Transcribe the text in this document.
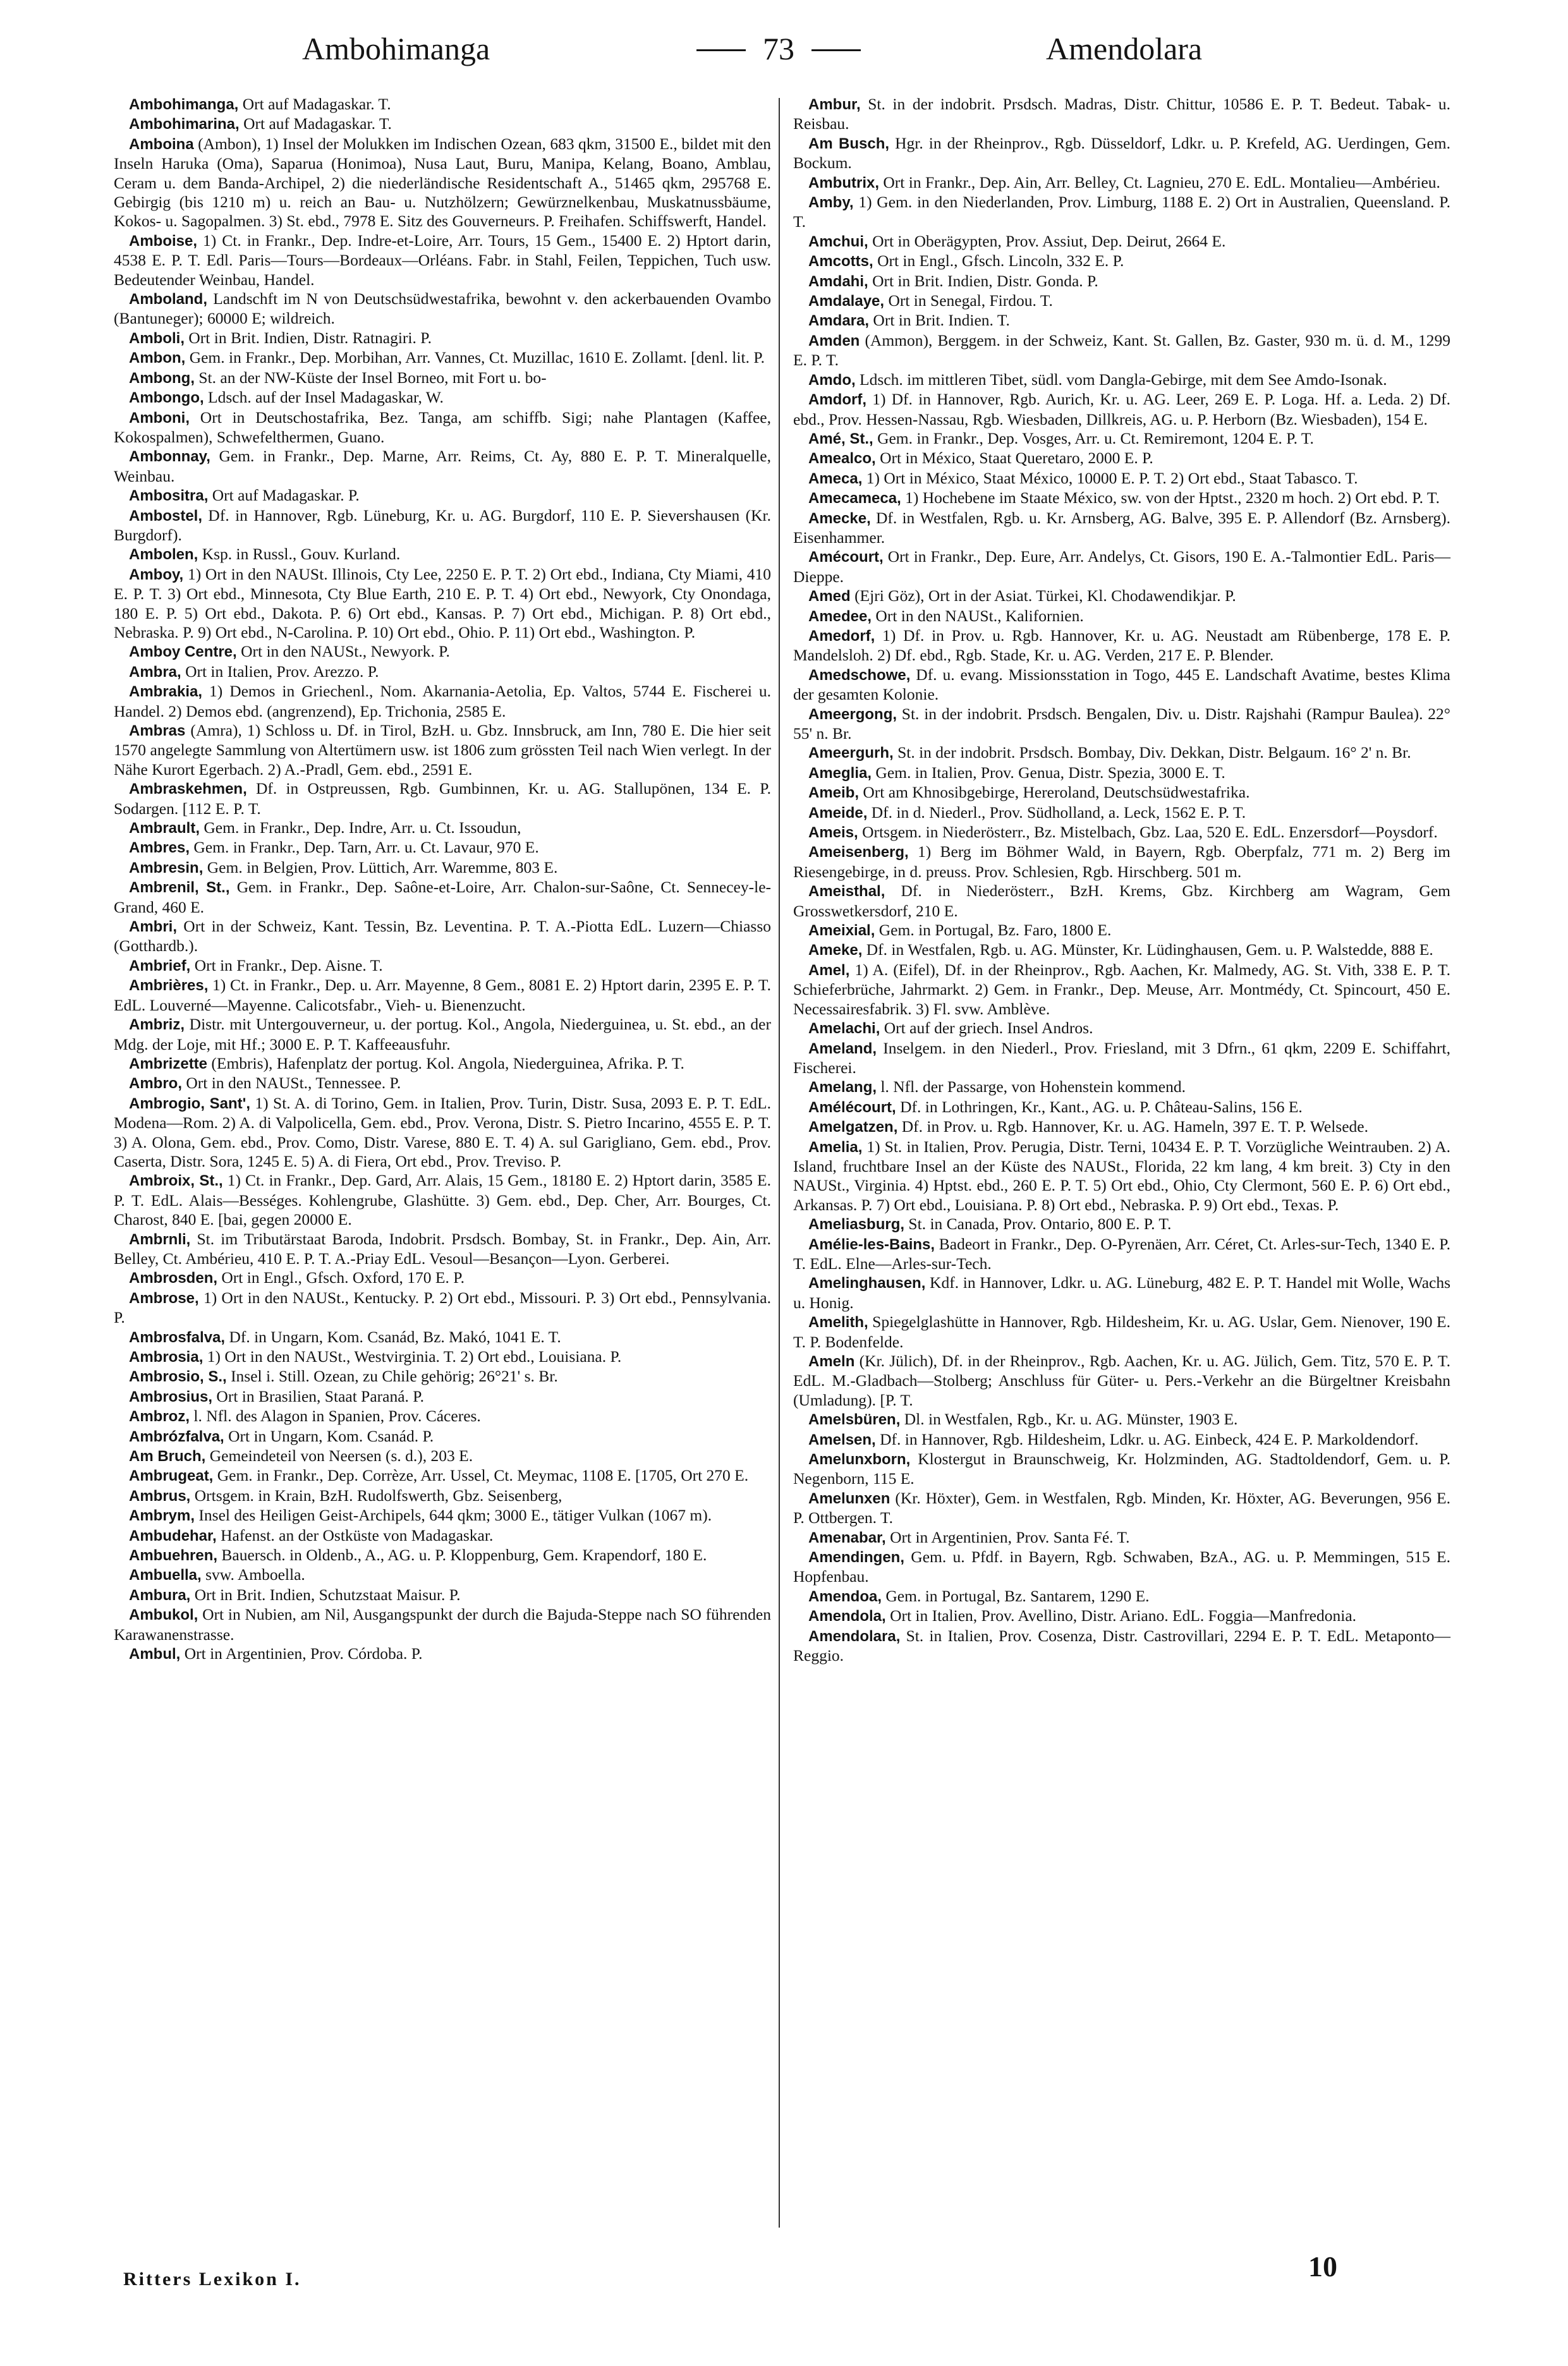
Ambohimanga	73	Amendolara

Ambohimanga, Ort auf Madagaskar. T.

Ambohimarina, Ort auf Madagaskar. T.

Amboina (Ambon), 1) Insel der Molukken im Indischen Ozean, 683 qkm, 31500 E., bildet mit den Inseln Haruka (Oma), Saparua (Honimoa), Nusa Laut, Buru, Manipa, Kelang, Boano, Amblau, Ceram u. dem Banda-Archipel, 2) die niederländische Residentschaft A., 51465 qkm, 295768 E. Gebirgig (bis 1210 m) u. reich an Bau- u. Nutzhölzern; Gewürznelkenbau, Muskatnussbäume, Kokos- u. Sagopalmen. 3) St. ebd., 7978 E. Sitz des Gouverneurs. P. Freihafen. Schiffswerft, Handel.

Amboise, 1) Ct. in Frankr., Dep. Indre-et-Loire, Arr. Tours, 15 Gem., 15400 E. 2) Hptort darin, 4538 E. P. T. Edl. Paris—Tours—Bordeaux—Orléans. Fabr. in Stahl, Feilen, Teppichen, Tuch usw. Bedeutender Weinbau, Handel.

Amboland, Landschft im N von Deutschsüdwestafrika, bewohnt v. den ackerbauenden Ovambo (Bantuneger); 60000 E; wildreich.

Amboli, Ort in Brit. Indien, Distr. Ratnagiri. P.

Ambon, Gem. in Frankr., Dep. Morbihan, Arr. Vannes, Ct. Muzillac, 1610 E. Zollamt. [denl. lit. P.

Ambong, St. an der NW-Küste der Insel Borneo, mit Fort u. bo-

Ambongo, Ldsch. auf der Insel Madagaskar, W.

Amboni, Ort in Deutschostafrika, Bez. Tanga, am schiffb. Sigi; nahe Plantagen (Kaffee, Kokospalmen), Schwefelthermen, Guano.

Ambonnay, Gem. in Frankr., Dep. Marne, Arr. Reims, Ct. Ay, 880 E. P. T. Mineralquelle, Weinbau.

Ambositra, Ort auf Madagaskar. P.

Ambostel, Df. in Hannover, Rgb. Lüneburg, Kr. u. AG. Burgdorf, 110 E. P. Sievershausen (Kr. Burgdorf).

Ambolen, Ksp. in Russl., Gouv. Kurland.

Amboy, 1) Ort in den NAUSt. Illinois, Cty Lee, 2250 E. P. T. 2) Ort ebd., Indiana, Cty Miami, 410 E. P. T. 3) Ort ebd., Minnesota, Cty Blue Earth, 210 E. P. T. 4) Ort ebd., Newyork, Cty Onondaga, 180 E. P. 5) Ort ebd., Dakota. P. 6) Ort ebd., Kansas. P. 7) Ort ebd., Michigan. P. 8) Ort ebd., Nebraska. P. 9) Ort ebd., N-Carolina. P. 10) Ort ebd., Ohio. P. 11) Ort ebd., Washington. P.

Amboy Centre, Ort in den NAUSt., Newyork. P.

Ambra, Ort in Italien, Prov. Arezzo. P.

Ambrakia, 1) Demos in Griechenl., Nom. Akarnania-Aetolia, Ep. Valtos, 5744 E. Fischerei u. Handel. 2) Demos ebd. (angrenzend), Ep. Trichonia, 2585 E.

Ambras (Amra), 1) Schloss u. Df. in Tirol, BzH. u. Gbz. Innsbruck, am Inn, 780 E. Die hier seit 1570 angelegte Sammlung von Altertümern usw. ist 1806 zum grössten Teil nach Wien verlegt. In der Nähe Kurort Egerbach. 2) A.-Pradl, Gem. ebd., 2591 E.

Ambraskehmen, Df. in Ostpreussen, Rgb. Gumbinnen, Kr. u. AG. Stallupönen, 134 E. P. Sodargen. [112 E. P. T.

Ambrault, Gem. in Frankr., Dep. Indre, Arr. u. Ct. Issoudun,

Ambres, Gem. in Frankr., Dep. Tarn, Arr. u. Ct. Lavaur, 970 E.

Ambresin, Gem. in Belgien, Prov. Lüttich, Arr. Waremme, 803 E.

Ambrenil, St., Gem. in Frankr., Dep. Saône-et-Loire, Arr. Chalon-sur-Saône, Ct. Sennecey-le-Grand, 460 E.

Ambri, Ort in der Schweiz, Kant. Tessin, Bz. Leventina. P. T. A.-Piotta EdL. Luzern—Chiasso (Gotthardb.).

Ambrief, Ort in Frankr., Dep. Aisne. T.

Ambrières, 1) Ct. in Frankr., Dep. u. Arr. Mayenne, 8 Gem., 8081 E. 2) Hptort darin, 2395 E. P. T. EdL. Louverné—Mayenne. Calicotsfabr., Vieh- u. Bienenzucht.

Ambriz, Distr. mit Untergouverneur, u. der portug. Kol., Angola, Niederguinea, u. St. ebd., an der Mdg. der Loje, mit Hf.; 3000 E. P. T. Kaffeeausfuhr.

Ambrizette (Embris), Hafenplatz der portug. Kol. Angola, Niederguinea, Afrika. P. T.

Ambro, Ort in den NAUSt., Tennessee. P.

Ambrogio, Sant', 1) St. A. di Torino, Gem. in Italien, Prov. Turin, Distr. Susa, 2093 E. P. T. EdL. Modena—Rom. 2) A. di Valpolicella, Gem. ebd., Prov. Verona, Distr. S. Pietro Incarino, 4555 E. P. T. 3) A. Olona, Gem. ebd., Prov. Como, Distr. Varese, 880 E. T. 4) A. sul Garigliano, Gem. ebd., Prov. Caserta, Distr. Sora, 1245 E. 5) A. di Fiera, Ort ebd., Prov. Treviso. P.

Ambroix, St., 1) Ct. in Frankr., Dep. Gard, Arr. Alais, 15 Gem., 18180 E. 2) Hptort darin, 3585 E. P. T. EdL. Alais—Bességes. Kohlengrube, Glashütte. 3) Gem. ebd., Dep. Cher, Arr. Bourges, Ct. Charost, 840 E. [bai, gegen 20000 E.

Ambrnli, St. im Tributärstaat Baroda, Indobrit. Prsdsch. Bombay, St. in Frankr., Dep. Ain, Arr. Belley, Ct. Ambérieu, 410 E. P. T. A.-Priay EdL. Vesoul—Besançon—Lyon. Gerberei.

Ambrosden, Ort in Engl., Gfsch. Oxford, 170 E. P.

Ambrose, 1) Ort in den NAUSt., Kentucky. P. 2) Ort ebd., Missouri. P. 3) Ort ebd., Pennsylvania. P.

Ambrosfalva, Df. in Ungarn, Kom. Csanád, Bz. Makó, 1041 E. T.

Ambrosia, 1) Ort in den NAUSt., Westvirginia. T. 2) Ort ebd., Louisiana. P.

Ambrosio, S., Insel i. Still. Ozean, zu Chile gehörig; 26°21' s. Br.

Ambrosius, Ort in Brasilien, Staat Paraná. P.

Ambroz, l. Nfl. des Alagon in Spanien, Prov. Cáceres.

Ambrózfalva, Ort in Ungarn, Kom. Csanád. P.

Am Bruch, Gemeindeteil von Neersen (s. d.), 203 E.

Ambrugeat, Gem. in Frankr., Dep. Corrèze, Arr. Ussel, Ct. Meymac, 1108 E. [1705, Ort 270 E.

Ambrus, Ortsgem. in Krain, BzH. Rudolfswerth, Gbz. Seisenberg,

Ambrym, Insel des Heiligen Geist-Archipels, 644 qkm; 3000 E., tätiger Vulkan (1067 m).

Ambudehar, Hafenst. an der Ostküste von Madagaskar.

Ambuehren, Bauersch. in Oldenb., A., AG. u. P. Kloppenburg, Gem. Krapendorf, 180 E.

Ambuella, svw. Amboella.

Ambura, Ort in Brit. Indien, Schutzstaat Maisur. P.

Ambukol, Ort in Nubien, am Nil, Ausgangspunkt der durch die Bajuda-Steppe nach SO führenden Karawanenstrasse.

Ambul, Ort in Argentinien, Prov. Córdoba. P.

Ambur, St. in der indobrit. Prsdsch. Madras, Distr. Chittur, 10586 E. P. T. Bedeut. Tabak- u. Reisbau.

Am Busch, Hgr. in der Rheinprov., Rgb. Düsseldorf, Ldkr. u. P. Krefeld, AG. Uerdingen, Gem. Bockum.

Ambutrix, Ort in Frankr., Dep. Ain, Arr. Belley, Ct. Lagnieu, 270 E. EdL. Montalieu—Ambérieu.

Amby, 1) Gem. in den Niederlanden, Prov. Limburg, 1188 E. 2) Ort in Australien, Queensland. P. T.

Amchui, Ort in Oberägypten, Prov. Assiut, Dep. Deirut, 2664 E.

Amcotts, Ort in Engl., Gfsch. Lincoln, 332 E. P.

Amdahi, Ort in Brit. Indien, Distr. Gonda. P.

Amdalaye, Ort in Senegal, Firdou. T.

Amdara, Ort in Brit. Indien. T.

Amden (Ammon), Berggem. in der Schweiz, Kant. St. Gallen, Bz. Gaster, 930 m. ü. d. M., 1299 E. P. T.

Amdo, Ldsch. im mittleren Tibet, südl. vom Dangla-Gebirge, mit dem See Amdo-Isonak.

Amdorf, 1) Df. in Hannover, Rgb. Aurich, Kr. u. AG. Leer, 269 E. P. Loga. Hf. a. Leda. 2) Df. ebd., Prov. Hessen-Nassau, Rgb. Wiesbaden, Dillkreis, AG. u. P. Herborn (Bz. Wiesbaden), 154 E.

Amé, St., Gem. in Frankr., Dep. Vosges, Arr. u. Ct. Remiremont, 1204 E. P. T.

Amealco, Ort in México, Staat Queretaro, 2000 E. P.

Ameca, 1) Ort in México, Staat México, 10000 E. P. T. 2) Ort ebd., Staat Tabasco. T.

Amecameca, 1) Hochebene im Staate México, sw. von der Hptst., 2320 m hoch. 2) Ort ebd. P. T.

Amecke, Df. in Westfalen, Rgb. u. Kr. Arnsberg, AG. Balve, 395 E. P. Allendorf (Bz. Arnsberg). Eisenhammer.

Amécourt, Ort in Frankr., Dep. Eure, Arr. Andelys, Ct. Gisors, 190 E. A.-Talmontier EdL. Paris—Dieppe.

Amed (Ejri Göz), Ort in der Asiat. Türkei, Kl. Chodawendikjar. P.

Amedee, Ort in den NAUSt., Kalifornien.

Amedorf, 1) Df. in Prov. u. Rgb. Hannover, Kr. u. AG. Neustadt am Rübenberge, 178 E. P. Mandelsloh. 2) Df. ebd., Rgb. Stade, Kr. u. AG. Verden, 217 E. P. Blender.

Amedschowe, Df. u. evang. Missionsstation in Togo, 445 E. Landschaft Avatime, bestes Klima der gesamten Kolonie.

Ameergong, St. in der indobrit. Prsdsch. Bengalen, Div. u. Distr. Rajshahi (Rampur Baulea). 22° 55' n. Br.

Ameergurh, St. in der indobrit. Prsdsch. Bombay, Div. Dekkan, Distr. Belgaum. 16° 2' n. Br.

Ameglia, Gem. in Italien, Prov. Genua, Distr. Spezia, 3000 E. T.

Ameib, Ort am Khnosibgebirge, Hereroland, Deutschsüdwestafrika.

Ameide, Df. in d. Niederl., Prov. Südholland, a. Leck, 1562 E. P. T.

Ameis, Ortsgem. in Niederösterr., Bz. Mistelbach, Gbz. Laa, 520 E. EdL. Enzersdorf—Poysdorf.

Ameisenberg, 1) Berg im Böhmer Wald, in Bayern, Rgb. Oberpfalz, 771 m. 2) Berg im Riesengebirge, in d. preuss. Prov. Schlesien, Rgb. Hirschberg. 501 m.

Ameisthal, Df. in Niederösterr., BzH. Krems, Gbz. Kirchberg am Wagram, Gem Grosswetkersdorf, 210 E.

Ameixial, Gem. in Portugal, Bz. Faro, 1800 E.

Ameke, Df. in Westfalen, Rgb. u. AG. Münster, Kr. Lüdinghausen, Gem. u. P. Walstedde, 888 E.

Amel, 1) A. (Eifel), Df. in der Rheinprov., Rgb. Aachen, Kr. Malmedy, AG. St. Vith, 338 E. P. T. Schieferbrüche, Jahrmarkt. 2) Gem. in Frankr., Dep. Meuse, Arr. Montmédy, Ct. Spincourt, 450 E. Necessairesfabrik. 3) Fl. svw. Amblève.

Amelachi, Ort auf der griech. Insel Andros.

Ameland, Inselgem. in den Niederl., Prov. Friesland, mit 3 Dfrn., 61 qkm, 2209 E. Schiffahrt, Fischerei.

Amelang, l. Nfl. der Passarge, von Hohenstein kommend.

Amélécourt, Df. in Lothringen, Kr., Kant., AG. u. P. Château-Salins, 156 E.

Amelgatzen, Df. in Prov. u. Rgb. Hannover, Kr. u. AG. Hameln, 397 E. T. P. Welsede.

Amelia, 1) St. in Italien, Prov. Perugia, Distr. Terni, 10434 E. P. T. Vorzügliche Weintrauben. 2) A. Island, fruchtbare Insel an der Küste des NAUSt., Florida, 22 km lang, 4 km breit. 3) Cty in den NAUSt., Virginia. 4) Hptst. ebd., 260 E. P. T. 5) Ort ebd., Ohio, Cty Clermont, 560 E. P. 6) Ort ebd., Arkansas. P. 7) Ort ebd., Louisiana. P. 8) Ort ebd., Nebraska. P. 9) Ort ebd., Texas. P.

Ameliasburg, St. in Canada, Prov. Ontario, 800 E. P. T.

Amélie-les-Bains, Badeort in Frankr., Dep. O-Pyrenäen, Arr. Céret, Ct. Arles-sur-Tech, 1340 E. P. T. EdL. Elne—Arles-sur-Tech.

Amelinghausen, Kdf. in Hannover, Ldkr. u. AG. Lüneburg, 482 E. P. T. Handel mit Wolle, Wachs u. Honig.

Amelith, Spiegelglashütte in Hannover, Rgb. Hildesheim, Kr. u. AG. Uslar, Gem. Nienover, 190 E. T. P. Bodenfelde.

Ameln (Kr. Jülich), Df. in der Rheinprov., Rgb. Aachen, Kr. u. AG. Jülich, Gem. Titz, 570 E. P. T. EdL. M.-Gladbach—Stolberg; Anschluss für Güter- u. Pers.-Verkehr an die Bürgeltner Kreisbahn (Umladung). [P. T.

Amelsbüren, Dl. in Westfalen, Rgb., Kr. u. AG. Münster, 1903 E.

Amelsen, Df. in Hannover, Rgb. Hildesheim, Ldkr. u. AG. Einbeck, 424 E. P. Markoldendorf.

Amelunxborn, Klostergut in Braunschweig, Kr. Holzminden, AG. Stadtoldendorf, Gem. u. P. Negenborn, 115 E.

Amelunxen (Kr. Höxter), Gem. in Westfalen, Rgb. Minden, Kr. Höxter, AG. Beverungen, 956 E. P. Ottbergen. T.

Amenabar, Ort in Argentinien, Prov. Santa Fé. T.

Amendingen, Gem. u. Pfdf. in Bayern, Rgb. Schwaben, BzA., AG. u. P. Memmingen, 515 E. Hopfenbau.

Amendoa, Gem. in Portugal, Bz. Santarem, 1290 E.

Amendola, Ort in Italien, Prov. Avellino, Distr. Ariano. EdL. Foggia—Manfredonia.

Amendolara, St. in Italien, Prov. Cosenza, Distr. Castrovillari, 2294 E. P. T. EdL. Metaponto—Reggio.

Ritters Lexikon I.	10
